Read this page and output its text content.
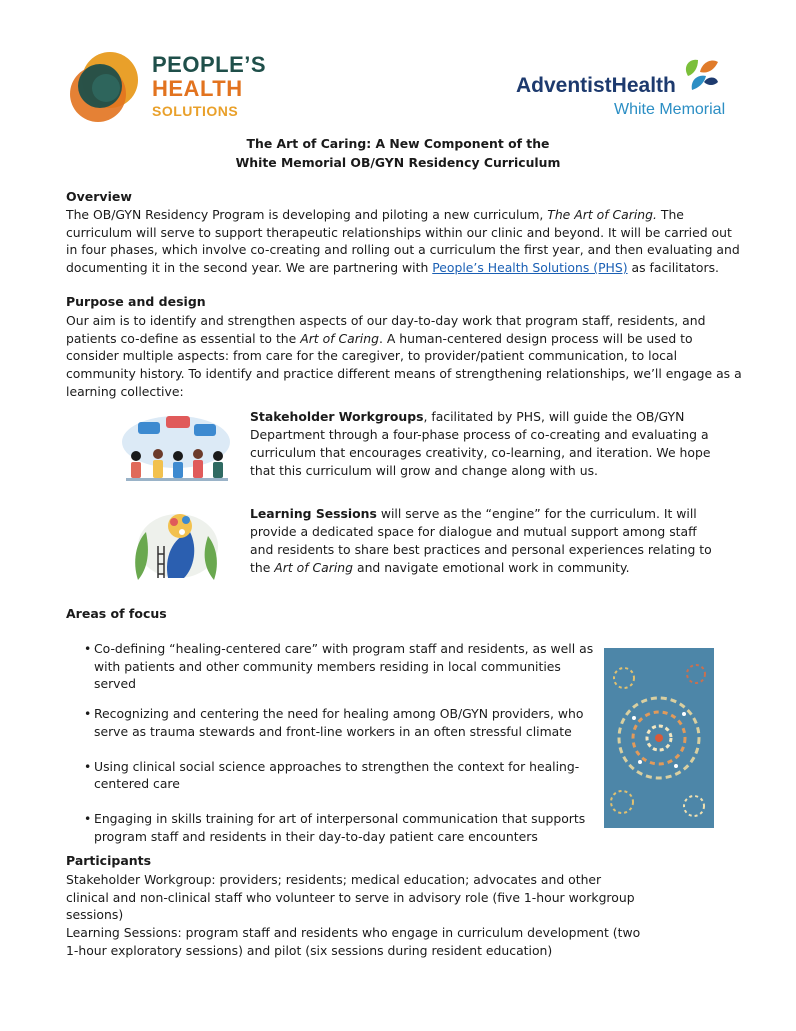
PEOPLE’S
HEALTH
SOLUTIONS
AdventistHealth
White Memorial
The Art of Caring: A New Component of the
White Memorial OB/GYN Residency Curriculum
Overview
The OB/GYN Residency Program is developing and piloting a new curriculum, The Art of Caring. The curriculum will serve to support therapeutic relationships within our clinic and beyond. It will be carried out in four phases, which involve co-creating and rolling out a curriculum the first year, and then evaluating and documenting it in the second year. We are partnering with People’s Health Solutions (PHS) as facilitators.
Purpose and design
Our aim is to identify and strengthen aspects of our day-to-day work that program staff, residents, and patients co-define as essential to the Art of Caring. A human-centered design process will be used to consider multiple aspects: from care for the caregiver, to provider/patient communication, to local community history. To identify and practice different means of strengthening relationships, we’ll engage as a learning collective:
Stakeholder Workgroups, facilitated by PHS, will guide the OB/GYN Department through a four-phase process of co-creating and evaluating a curriculum that encourages creativity, co-learning, and iteration. We hope that this curriculum will grow and change along with us.
Learning Sessions will serve as the “engine” for the curriculum. It will provide a dedicated space for dialogue and mutual support among staff and residents to share best practices and personal experiences relating to the Art of Caring and navigate emotional work in community.
Areas of focus
• Co-defining “healing-centered care” with program staff and residents, as well as with patients and other community members residing in local communities served
• Recognizing and centering the need for healing among OB/GYN providers, who serve as trauma stewards and front-line workers in an often stressful climate
• Using clinical social science approaches to strengthen the context for healing-centered care
• Engaging in skills training for art of interpersonal communication that supports program staff and residents in their day-to-day patient care encounters
Participants
Stakeholder Workgroup: providers; residents; medical education; advocates and other clinical and non-clinical staff who volunteer to serve in advisory role (five 1-hour workgroup sessions)
Learning Sessions: program staff and residents who engage in curriculum development (two 1-hour exploratory sessions) and pilot (six sessions during resident education)
